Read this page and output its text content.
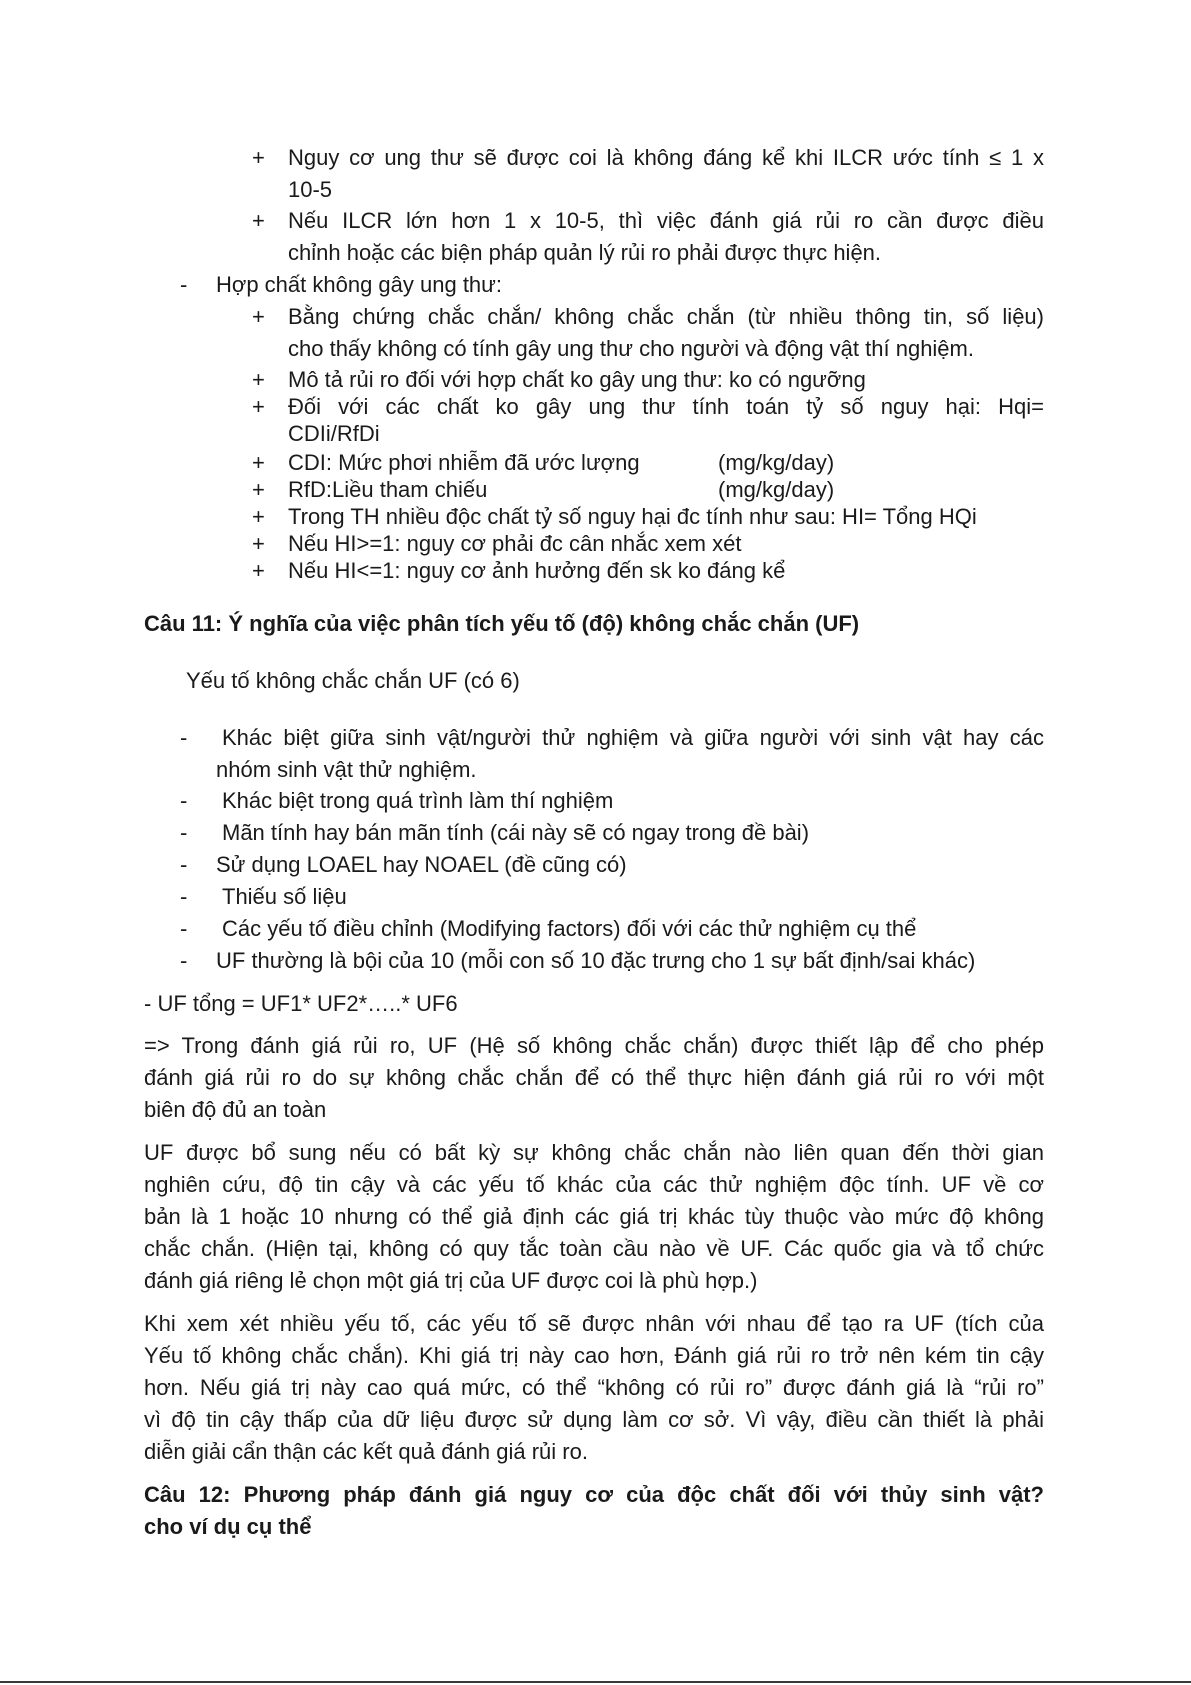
+ Nguy cơ ung thư sẽ được coi là không đáng kể khi ILCR ước tính ≤ 1 x
10-5
+ Nếu ILCR lớn hơn 1 x 10-5, thì việc đánh giá rủi ro cần được điều
chỉnh hoặc các biện pháp quản lý rủi ro phải được thực hiện.
- Hợp chất không gây ung thư:
+ Bằng chứng chắc chắn/ không chắc chắn (từ nhiều thông tin, số liệu)
cho thấy không có tính gây ung thư cho người và động vật thí nghiệm.
+ Mô tả rủi ro đối với hợp chất ko gây ung thư: ko có ngưỡng
+ Đối với các chất ko gây ung thư tính toán tỷ số nguy hại: Hqi=
CDIi/RfDi
+ CDI: Mức phơi nhiễm đã ước lượng	(mg/kg/day)
+ RfD:Liều tham chiếu	(mg/kg/day)
+ Trong TH nhiều độc chất tỷ số nguy hại đc tính như sau: HI= Tổng HQi
+ Nếu HI>=1: nguy cơ phải đc cân nhắc xem xét
+ Nếu HI<=1: nguy cơ ảnh hưởng đến sk ko đáng kể
Câu 11: Ý nghĩa của việc phân tích yếu tố (độ) không chắc chắn (UF)
Yếu tố không chắc chắn UF (có 6)
- Khác biệt giữa sinh vật/người thử nghiệm và giữa người với sinh vật hay các
nhóm sinh vật thử nghiệm.
- Khác biệt trong quá trình làm thí nghiệm
- Mãn tính hay bán mãn tính (cái này sẽ có ngay trong đề bài)
- Sử dụng LOAEL hay NOAEL (đề cũng có)
- Thiếu số liệu
- Các yếu tố điều chỉnh (Modifying factors) đối với các thử nghiệm cụ thể
- UF thường là bội của 10 (mỗi con số 10 đặc trưng cho 1 sự bất định/sai khác)
- UF tổng = UF1* UF2*…..* UF6
=> Trong đánh giá rủi ro, UF (Hệ số không chắc chắn) được thiết lập để cho phép
đánh giá rủi ro do sự không chắc chắn để có thể thực hiện đánh giá rủi ro với một
biên độ đủ an toàn
UF được bổ sung nếu có bất kỳ sự không chắc chắn nào liên quan đến thời gian
nghiên cứu, độ tin cậy và các yếu tố khác của các thử nghiệm độc tính. UF về cơ
bản là 1 hoặc 10 nhưng có thể giả định các giá trị khác tùy thuộc vào mức độ không
chắc chắn. (Hiện tại, không có quy tắc toàn cầu nào về UF. Các quốc gia và tổ chức
đánh giá riêng lẻ chọn một giá trị của UF được coi là phù hợp.)
Khi xem xét nhiều yếu tố, các yếu tố sẽ được nhân với nhau để tạo ra UF (tích của
Yếu tố không chắc chắn). Khi giá trị này cao hơn, Đánh giá rủi ro trở nên kém tin cậy
hơn. Nếu giá trị này cao quá mức, có thể “không có rủi ro” được đánh giá là “rủi ro”
vì độ tin cậy thấp của dữ liệu được sử dụng làm cơ sở. Vì vậy, điều cần thiết là phải
diễn giải cẩn thận các kết quả đánh giá rủi ro.
Câu 12: Phương pháp đánh giá nguy cơ của độc chất đối với thủy sinh vật?
cho ví dụ cụ thể
